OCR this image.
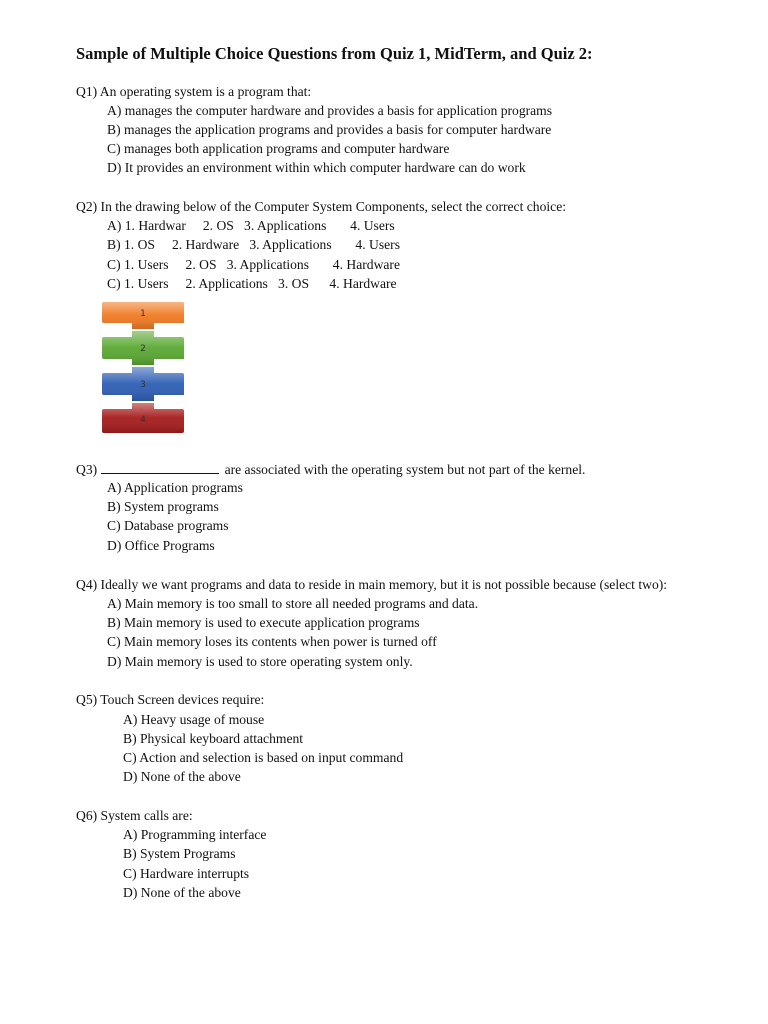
Sample of Multiple Choice Questions from Quiz 1, MidTerm, and Quiz 2:
Q1) An operating system is a program that:
A) manages the computer hardware and provides a basis for application programs
B) manages the application programs and provides a basis for computer hardware
C) manages both application programs and computer hardware
D) It provides an environment within which computer hardware can do work
Q2) In the drawing below of the Computer System Components, select the correct choice:
A) 1. Hardwar     2. OS   3. Applications       4. Users
B) 1. OS     2. Hardware   3. Applications       4. Users
C) 1. Users     2. OS   3. Applications       4. Hardware
C) 1. Users     2. Applications   3. OS      4. Hardware
1
2
3
4
Q3)	are associated with the operating system but not part of the kernel.
A) Application programs
B) System programs
C) Database programs
D) Office Programs
Q4) Ideally we want programs and data to reside in main memory, but it is not possible because (select two):
A) Main memory is too small to store all needed programs and data.
B) Main memory is used to execute application programs
C) Main memory loses its contents when power is turned off
D) Main memory is used to store operating system only.
Q5) Touch Screen devices require:
A) Heavy usage of mouse
B) Physical keyboard attachment
C) Action and selection is based on input command
D) None of the above
Q6) System calls are:
A) Programming interface
B) System Programs
C) Hardware interrupts
D) None of the above
